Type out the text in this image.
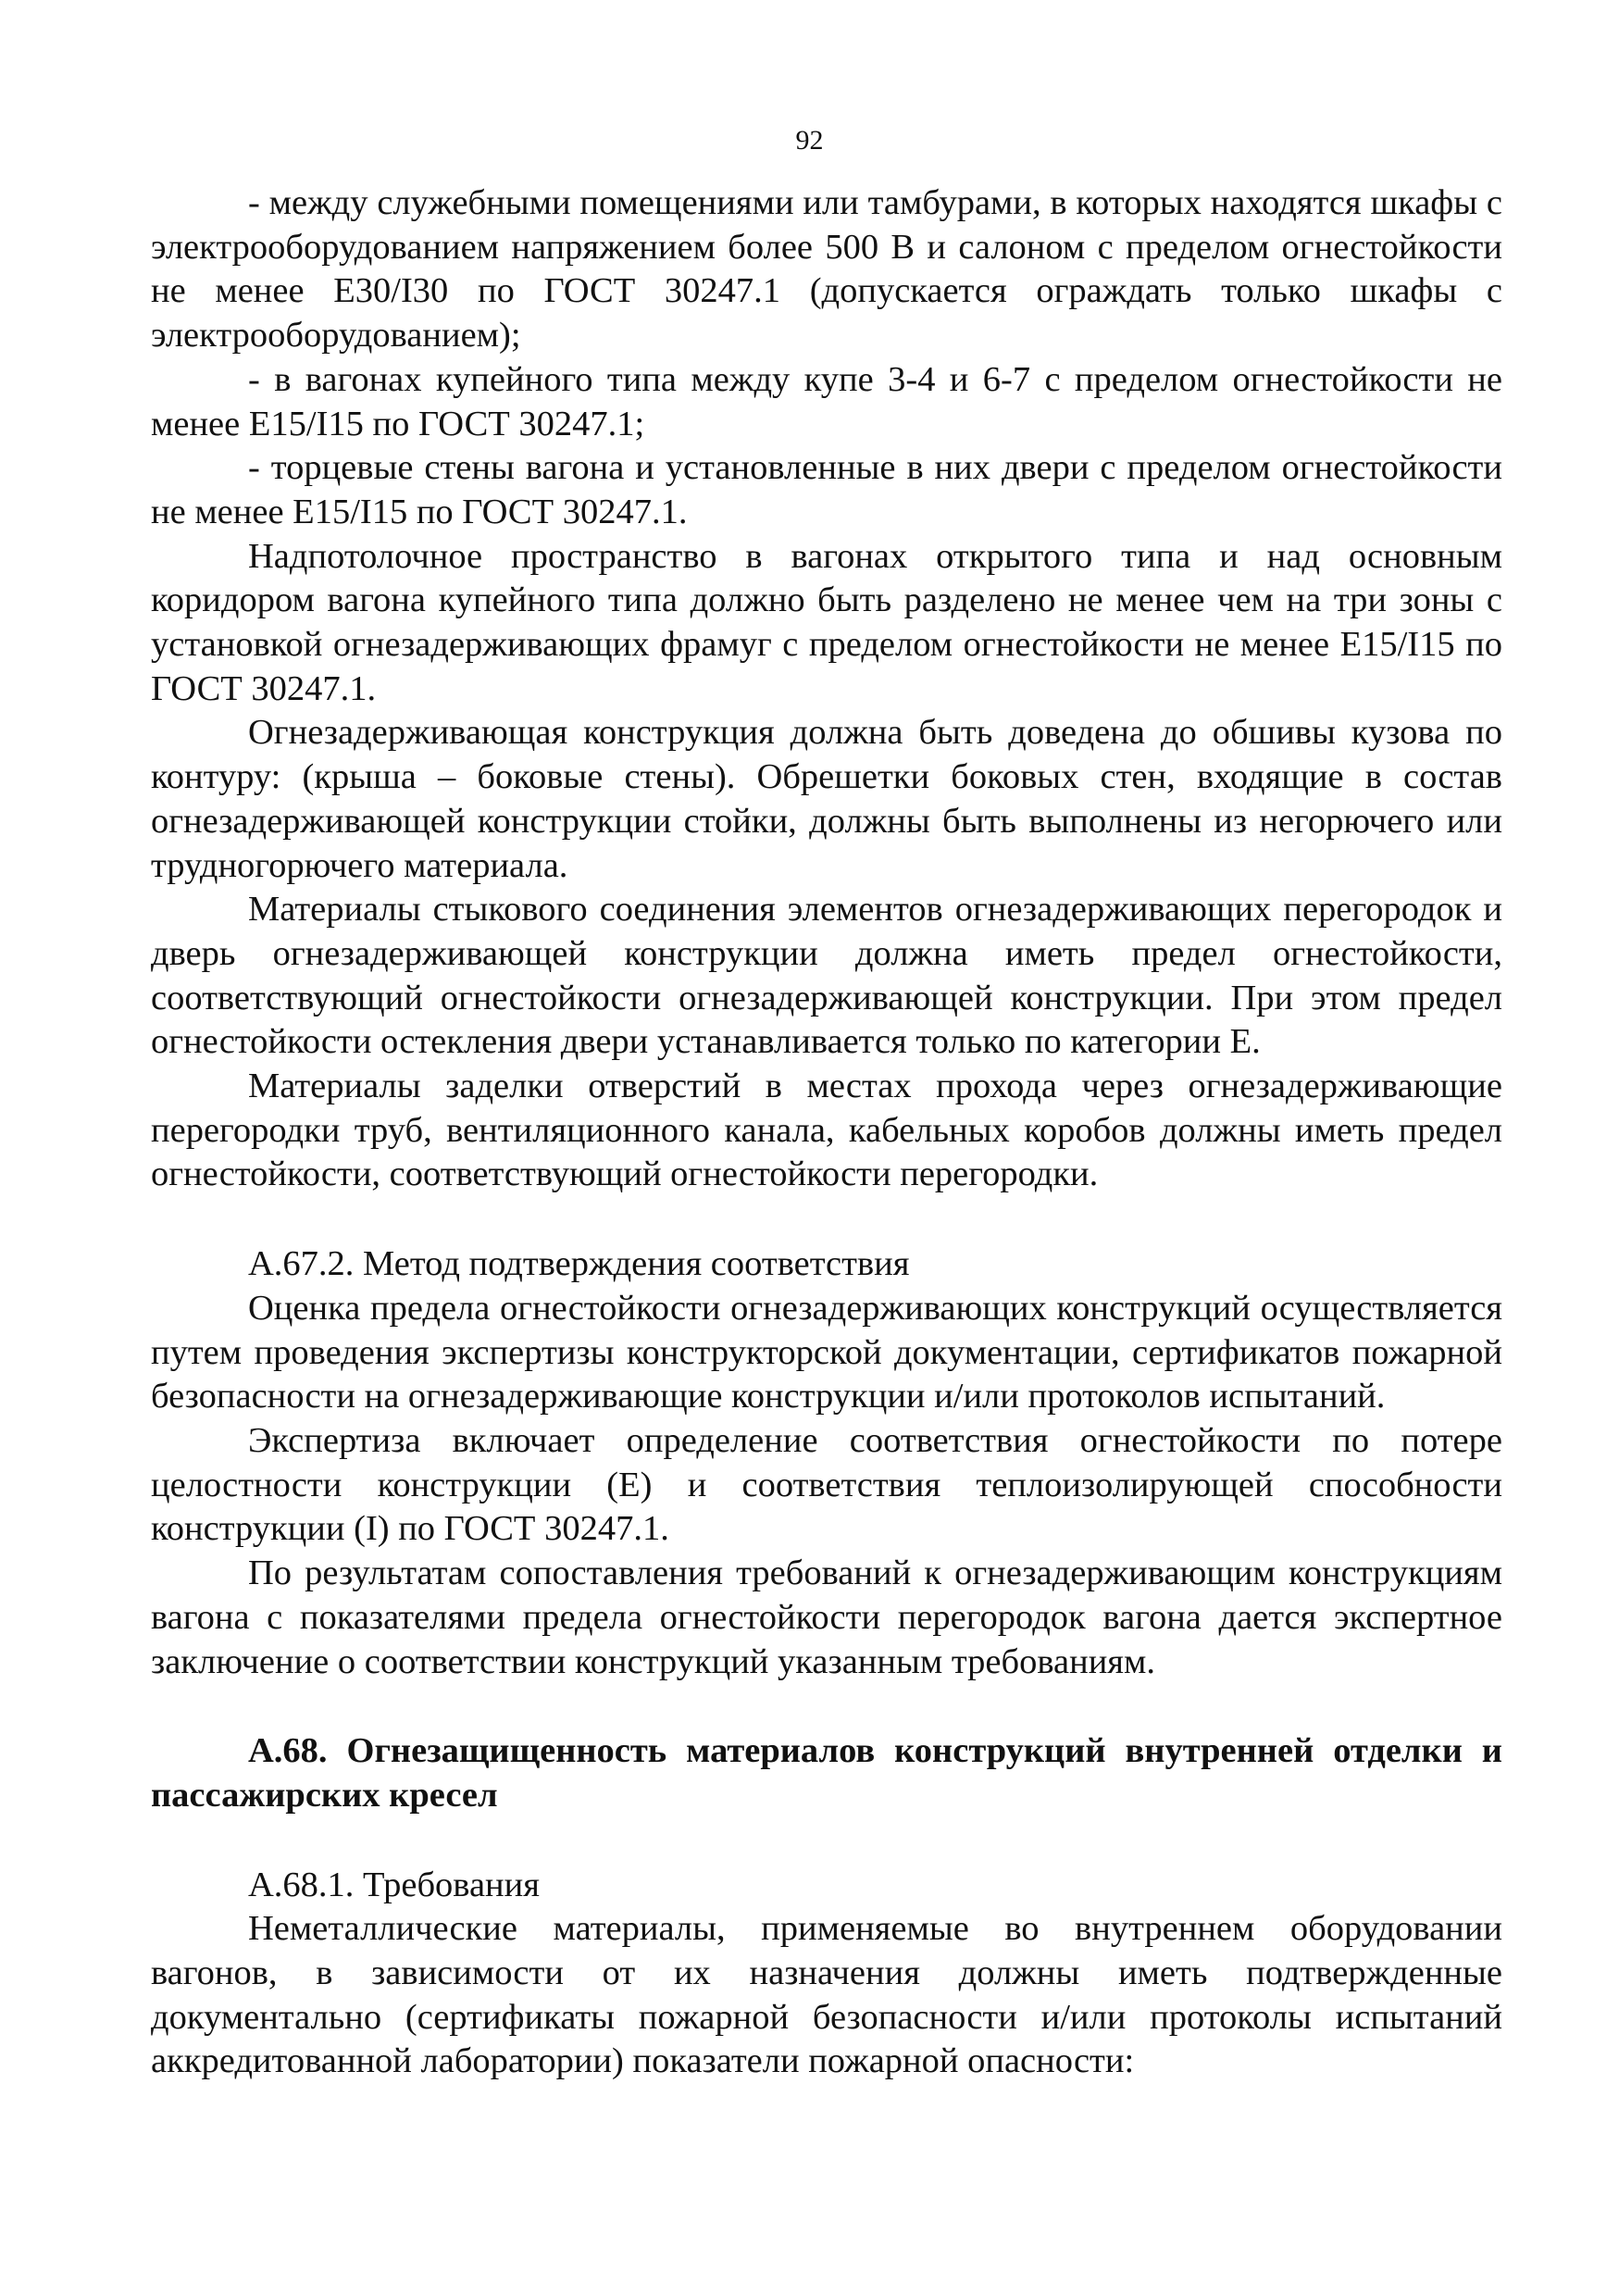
92

- между служебными помещениями или тамбурами, в которых находятся шкафы с электрооборудованием напряжением более 500 В и салоном с пределом огнестойкости не менее Е30/I30 по ГОСТ 30247.1 (допускается ограждать только шкафы с электрооборудованием);

- в вагонах купейного типа между купе 3-4 и 6-7 с пределом огнестойкости не менее E15/I15 по ГОСТ 30247.1;

- торцевые стены вагона и установленные в них двери с пределом огнестойкости не менее E15/I15 по ГОСТ 30247.1.

Надпотолочное пространство в вагонах открытого типа и над основным коридором вагона купейного типа должно быть разделено не менее чем на три зоны с установкой огнезадерживающих фрамуг с пределом огнестойкости не менее E15/I15 по ГОСТ 30247.1.

Огнезадерживающая конструкция должна быть доведена до обшивы кузова по контуру: (крыша – боковые стены). Обрешетки боковых стен, входящие в состав огнезадерживающей конструкции стойки, должны быть выполнены из негорючего или трудногорючего материала.

Материалы стыкового соединения элементов огнезадерживающих перегородок и дверь огнезадерживающей конструкции должна иметь предел огнестойкости, соответствующий огнестойкости огнезадерживающей конструкции. При этом предел огнестойкости остекления двери устанавливается только по категории Е.

Материалы заделки отверстий в местах прохода через огнезадерживающие перегородки труб, вентиляционного канала, кабельных коробов должны иметь предел огнестойкости, соответствующий огнестойкости перегородки.

А.67.2. Метод подтверждения соответствия

Оценка предела огнестойкости огнезадерживающих конструкций осуществляется путем проведения экспертизы конструкторской документации, сертификатов пожарной безопасности на огнезадерживающие конструкции и/или протоколов испытаний.

Экспертиза включает определение соответствия огнестойкости по потере целостности конструкции (Е) и соответствия теплоизолирующей способности конструкции (I) по ГОСТ 30247.1.

По результатам сопоставления требований к огнезадерживающим конструкциям вагона с показателями предела огнестойкости перегородок вагона дается экспертное заключение о соответствии конструкций указанным требованиям.

А.68. Огнезащищенность материалов конструкций внутренней отделки и пассажирских кресел

А.68.1. Требования

Неметаллические материалы, применяемые во внутреннем оборудовании вагонов, в зависимости от их назначения должны иметь подтвержденные документально (сертификаты пожарной безопасности и/или протоколы испытаний аккредитованной лаборатории) показатели пожарной опасности:
